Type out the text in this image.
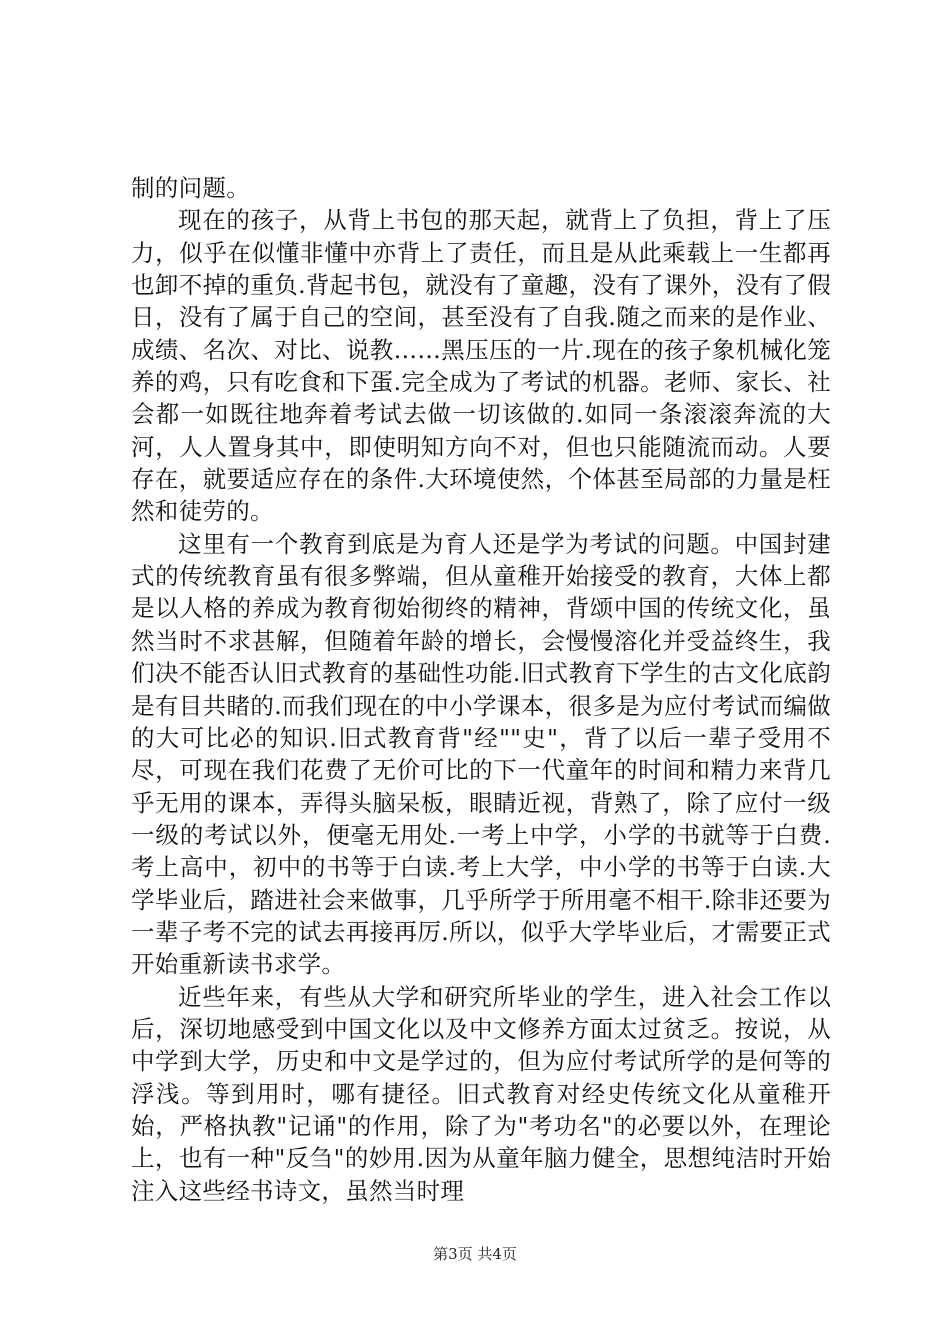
制的问题。

现在的孩子，从背上书包的那天起，就背上了负担，背上了压力，似乎在似懂非懂中亦背上了责任，而且是从此乘载上一生都再也卸不掉的重负.背起书包，就没有了童趣，没有了课外，没有了假日，没有了属于自己的空间，甚至没有了自我.随之而来的是作业、成绩、名次、对比、说教……黑压压的一片.现在的孩子象机械化笼养的鸡，只有吃食和下蛋.完全成为了考试的机器。老师、家长、社会都一如既往地奔着考试去做一切该做的.如同一条滚滚奔流的大河，人人置身其中，即使明知方向不对，但也只能随流而动。人要存在，就要适应存在的条件.大环境使然，个体甚至局部的力量是枉然和徒劳的。

这里有一个教育到底是为育人还是学为考试的问题。中国封建式的传统教育虽有很多弊端，但从童稚开始接受的教育，大体上都是以人格的养成为教育彻始彻终的精神，背颂中国的传统文化，虽然当时不求甚解，但随着年龄的增长，会慢慢溶化并受益终生，我们决不能否认旧式教育的基础性功能.旧式教育下学生的古文化底韵是有目共睹的.而我们现在的中小学课本，很多是为应付考试而编做的大可比必的知识.旧式教育背"经""史"，背了以后一辈子受用不尽，可现在我们花费了无价可比的下一代童年的时间和精力来背几乎无用的课本，弄得头脑呆板，眼睛近视，背熟了，除了应付一级一级的考试以外，便毫无用处.一考上中学，小学的书就等于白费.考上高中，初中的书等于白读.考上大学，中小学的书等于白读.大学毕业后，踏进社会来做事，几乎所学于所用毫不相干.除非还要为一辈子考不完的试去再接再厉.所以，似乎大学毕业后，才需要正式开始重新读书求学。

近些年来，有些从大学和研究所毕业的学生，进入社会工作以后，深切地感受到中国文化以及中文修养方面太过贫乏。按说，从中学到大学，历史和中文是学过的，但为应付考试所学的是何等的浮浅。等到用时，哪有捷径。旧式教育对经史传统文化从童稚开始，严格执教"记诵"的作用，除了为"考功名"的必要以外，在理论上，也有一种"反刍"的妙用.因为从童年脑力健全，思想纯洁时开始注入这些经书诗文，虽然当时理

第3页 共4页
